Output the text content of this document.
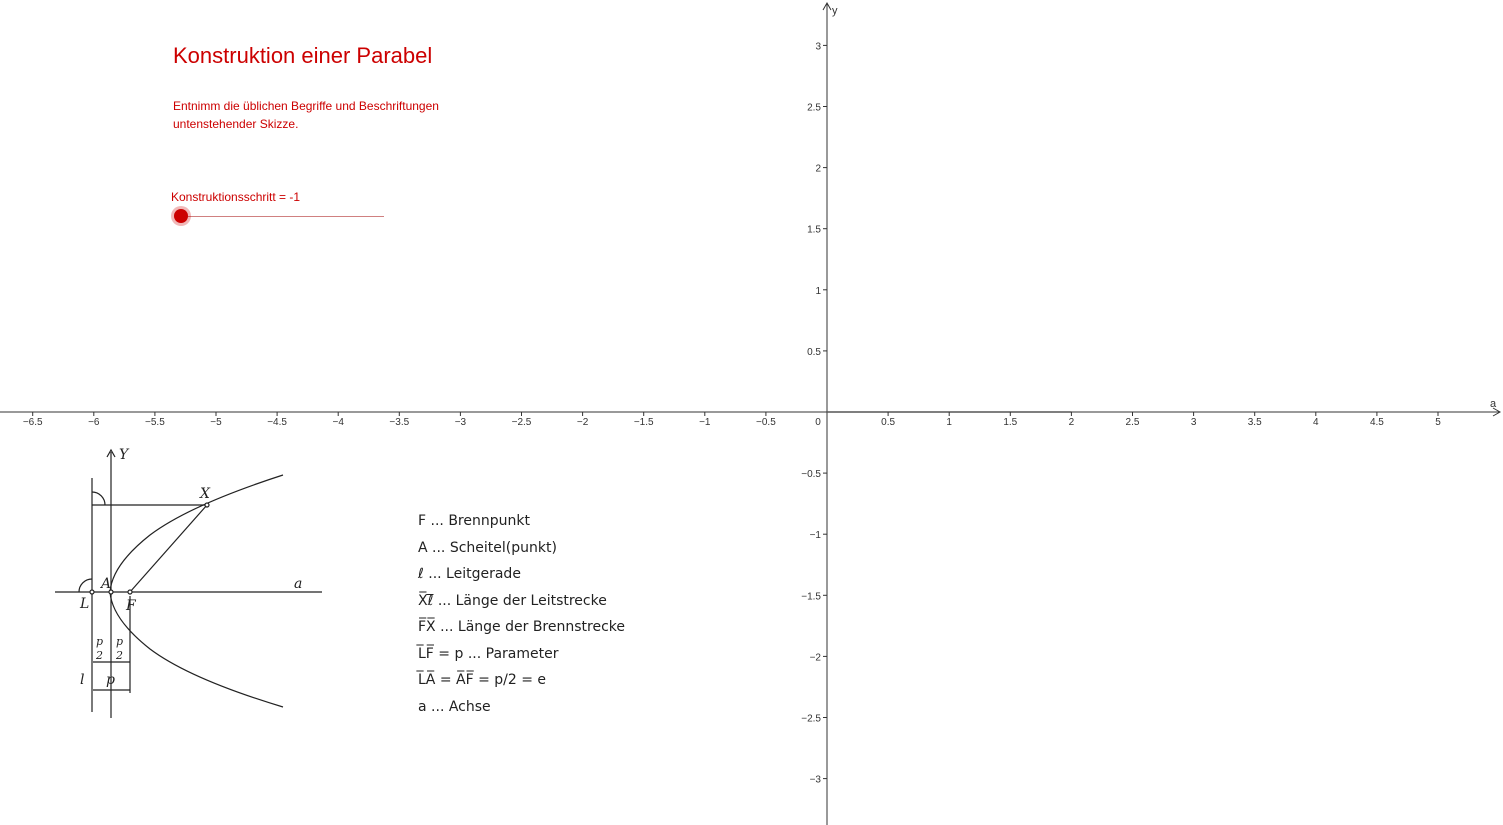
−6.5	−6	−5.5	−5	−4.5	−4	−3.5	−3	−2.5	−2	−1.5	−1	−0.5	0	0.5	1	1.5	2	2.5	3	3.5	4	4.5	5
3
2.5
2
1.5
1
0.5
−0.5
−1
−1.5
−2
−2.5
−3
a
y
Y
X
A
L	F
a
l p
p
2
p
2
Konstruktion einer Parabel
Entnimm die üblichen Begriffe und Beschriftungen untenstehender Skizze.
Konstruktionsschritt = -1
F ... Brennpunkt
A ... Scheitel(punkt)
ℓ ... Leitgerade
X̅ℓ̅ ... Länge der Leitstrecke
F̅X̅ ... Länge der Brennstrecke
L̅F̅ = p ... Parameter
L̅A̅ = A̅F̅ = p/2 = e
a ... Achse
